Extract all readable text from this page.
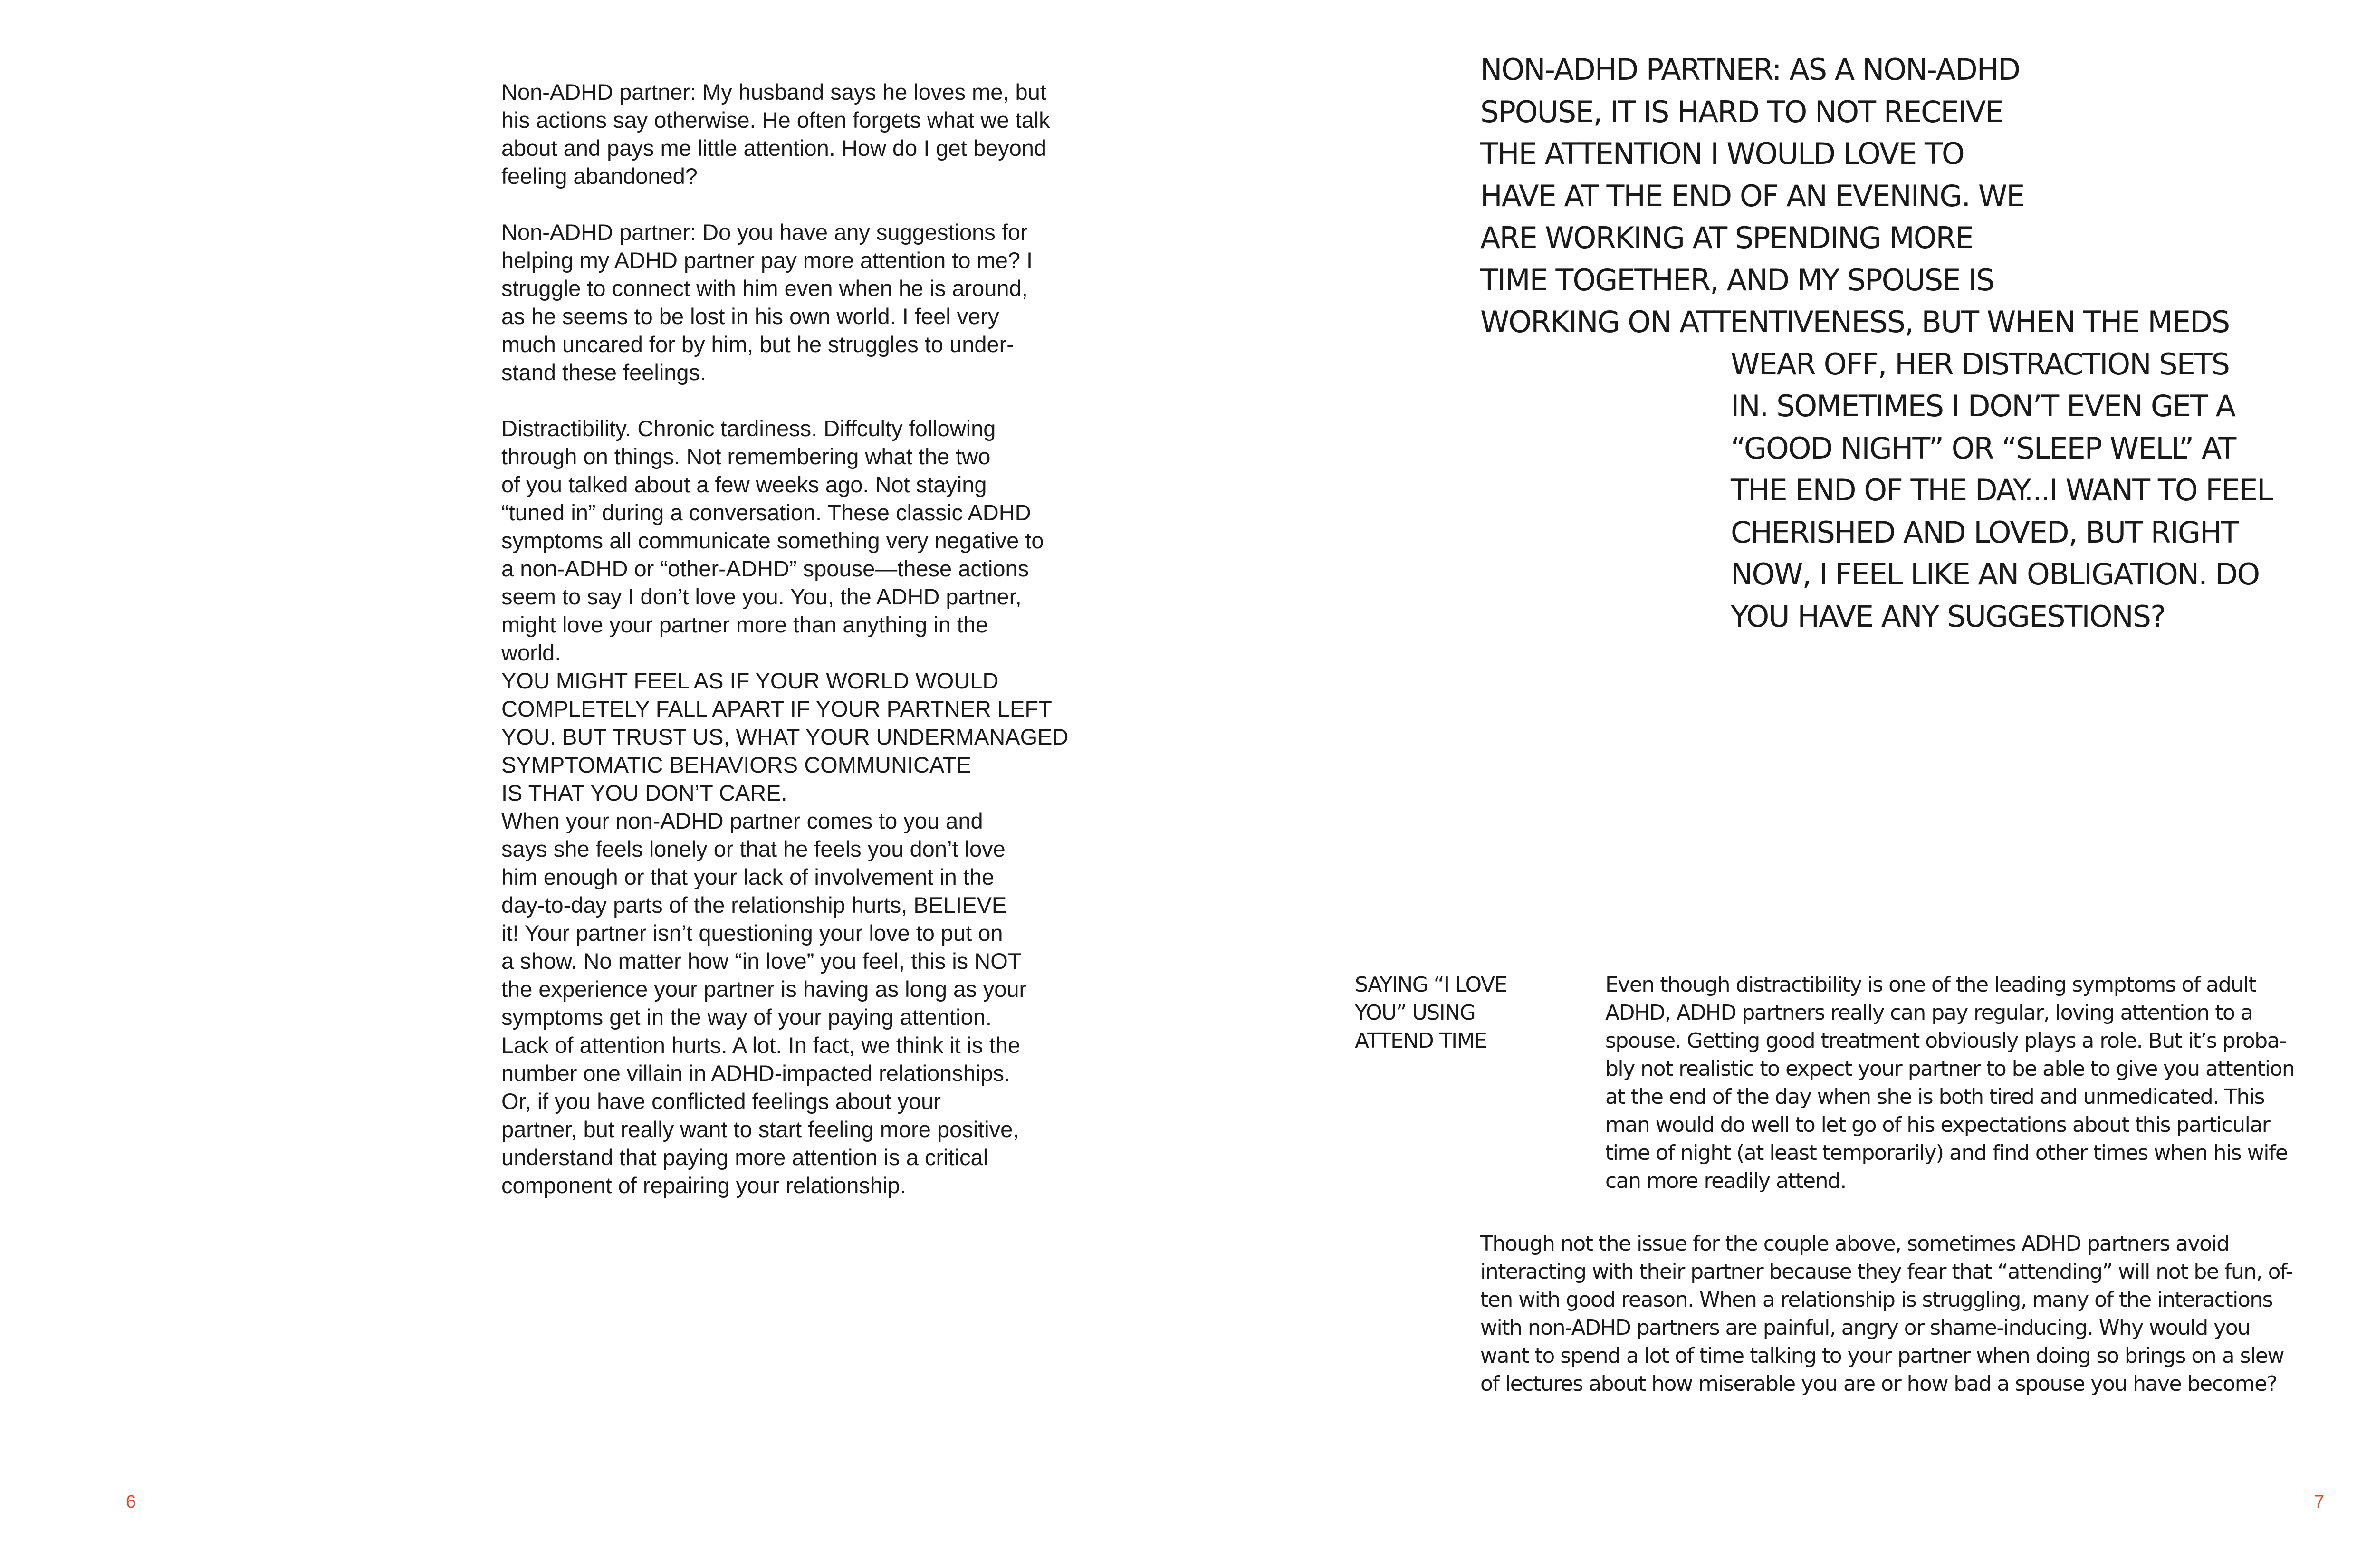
Non-ADHD partner: My husband says he loves me, but
his actions say otherwise. He often forgets what we talk
about and pays me little attention. How do I get beyond
feeling abandoned?

Non-ADHD partner: Do you have any suggestions for
helping my ADHD partner pay more attention to me? I
struggle to connect with him even when he is around,
as he seems to be lost in his own world. I feel very
much uncared for by him, but he struggles to under-
stand these feelings.

Distractibility. Chronic tardiness. Diffculty following
through on things. Not remembering what the two
of you talked about a few weeks ago. Not staying
“tuned in” during a conversation. These classic ADHD
symptoms all communicate something very negative to
a non-ADHD or “other-ADHD” spouse—these actions
seem to say I don’t love you. You, the ADHD partner,
might love your partner more than anything in the
world.

YOU MIGHT FEEL AS IF YOUR WORLD WOULD
COMPLETELY FALL APART IF YOUR PARTNER LEFT
YOU. BUT TRUST US, WHAT YOUR UNDERMANAGED
SYMPTOMATIC BEHAVIORS COMMUNICATE
IS THAT YOU DON’T CARE.

When your non-ADHD partner comes to you and
says she feels lonely or that he feels you don’t love
him enough or that your lack of involvement in the
day-to-day parts of the relationship hurts, BELIEVE
it! Your partner isn’t questioning your love to put on
a show. No matter how “in love” you feel, this is NOT
the experience your partner is having as long as your
symptoms get in the way of your paying attention.
Lack of attention hurts. A lot. In fact, we think it is the
number one villain in ADHD-impacted relationships.
Or, if you have conflicted feelings about your
partner, but really want to start feeling more positive,
understand that paying more attention is a critical
component of repairing your relationship.

6
NON-ADHD PARTNER: AS A NON-ADHD
SPOUSE, IT IS HARD TO NOT RECEIVE
THE ATTENTION I WOULD LOVE TO
HAVE AT THE END OF AN EVENING. WE
ARE WORKING AT SPENDING MORE
TIME TOGETHER, AND MY SPOUSE IS
WORKING ON ATTENTIVENESS, BUT WHEN THE MEDS
WEAR OFF, HER DISTRACTION SETS
IN. SOMETIMES I DON’T EVEN GET A
“GOOD NIGHT” OR “SLEEP WELL” AT
THE END OF THE DAY...I WANT TO FEEL
CHERISHED AND LOVED, BUT RIGHT
NOW, I FEEL LIKE AN OBLIGATION. DO
YOU HAVE ANY SUGGESTIONS?
SAYING “I LOVE
YOU” USING
ATTEND TIME
Even though distractibility is one of the leading symptoms of adult
ADHD, ADHD partners really can pay regular, loving attention to a
spouse. Getting good treatment obviously plays a role. But it’s proba-
bly not realistic to expect your partner to be able to give you attention
at the end of the day when she is both tired and unmedicated. This
man would do well to let go of his expectations about this particular
time of night (at least temporarily) and find other times when his wife
can more readily attend.
Though not the issue for the couple above, sometimes ADHD partners avoid
interacting with their partner because they fear that “attending” will not be fun, of-
ten with good reason. When a relationship is struggling, many of the interactions
with non-ADHD partners are painful, angry or shame-inducing. Why would you
want to spend a lot of time talking to your partner when doing so brings on a slew
of lectures about how miserable you are or how bad a spouse you have become?
7
